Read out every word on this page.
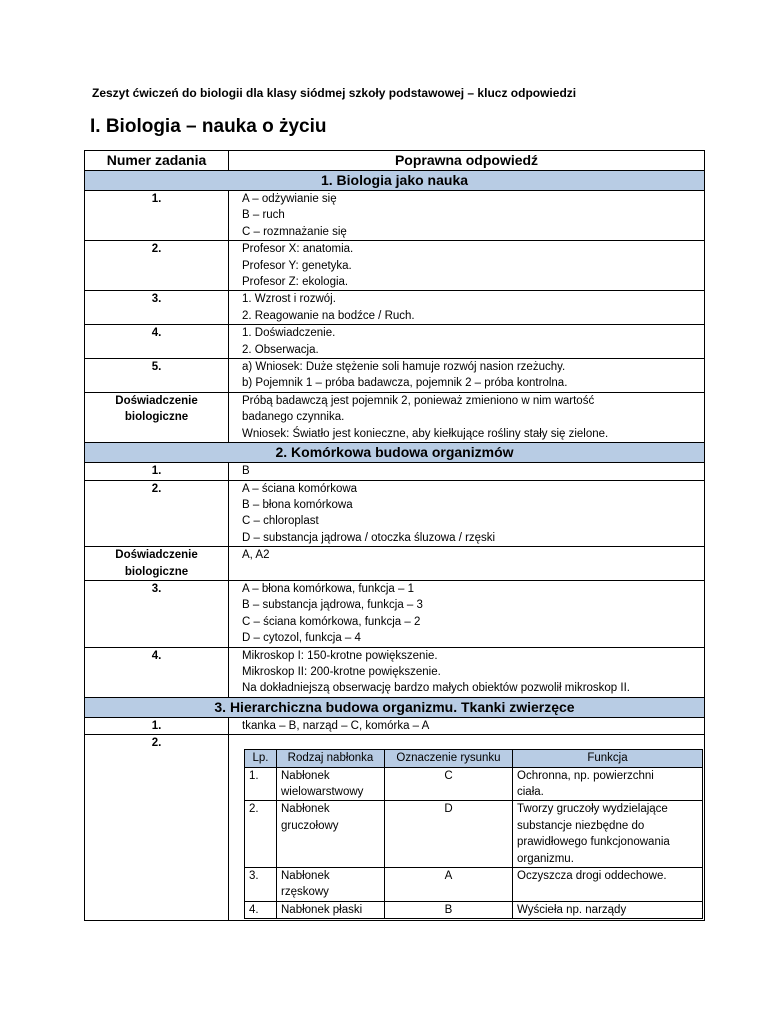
Zeszyt ćwiczeń do biologii dla klasy siódmej szkoły podstawowej – klucz odpowiedzi
I. Biologia – nauka o życiu
Numer zadania	Poprawna odpowiedź
1. Biologia jako nauka

1.	A – odżywianie się
B – ruch
C – rozmnażanie się

2.	Profesor X: anatomia.
Profesor Y: genetyka.
Profesor Z: ekologia.

3.	1. Wzrost i rozwój.
2. Reagowanie na bodźce / Ruch.

4.	1. Doświadczenie.
2. Obserwacja.

5.	a) Wniosek: Duże stężenie soli hamuje rozwój nasion rzeżuchy.
b) Pojemnik 1 – próba badawcza, pojemnik 2 – próba kontrolna.

Doświadczenie
biologiczne

Próbą badawczą jest pojemnik 2, ponieważ zmieniono w nim wartość
badanego czynnika.
Wniosek: Światło jest konieczne, aby kiełkujące rośliny stały się zielone.

2. Komórkowa budowa organizmów

1.	B

2.	A – ściana komórkowa
B – błona komórkowa
C – chloroplast
D – substancja jądrowa / otoczka śluzowa / rzęski

Doświadczenie
biologiczne

A, A2

3.	A – błona komórkowa, funkcja – 1
B – substancja jądrowa, funkcja – 3
C – ściana komórkowa, funkcja – 2
D – cytozol, funkcja – 4

4.	Mikroskop I: 150-krotne powiększenie.
Mikroskop II: 200-krotne powiększenie.
Na dokładniejszą obserwację bardzo małych obiektów pozwolił mikroskop II.

3. Hierarchiczna budowa organizmu. Tkanki zwierzęce

1.	tkanka – B, narząd – C, komórka – A

2.

Lp.	Rodzaj nabłonka	Oznaczenie rysunku	Funkcja
1.	Nabłonek
wielowarstwowy
	C	Ochronna, np. powierzchni
ciała.

2.	Nabłonek
gruczołowy
	D	Tworzy gruczoły wydzielające
substancje niezbędne do
prawidłowego funkcjonowania
organizmu.

3.	Nabłonek
rzęskowy
	A	Oczyszcza drogi oddechowe.

4.	Nabłonek płaski	B	Wyścieła np. narządy
